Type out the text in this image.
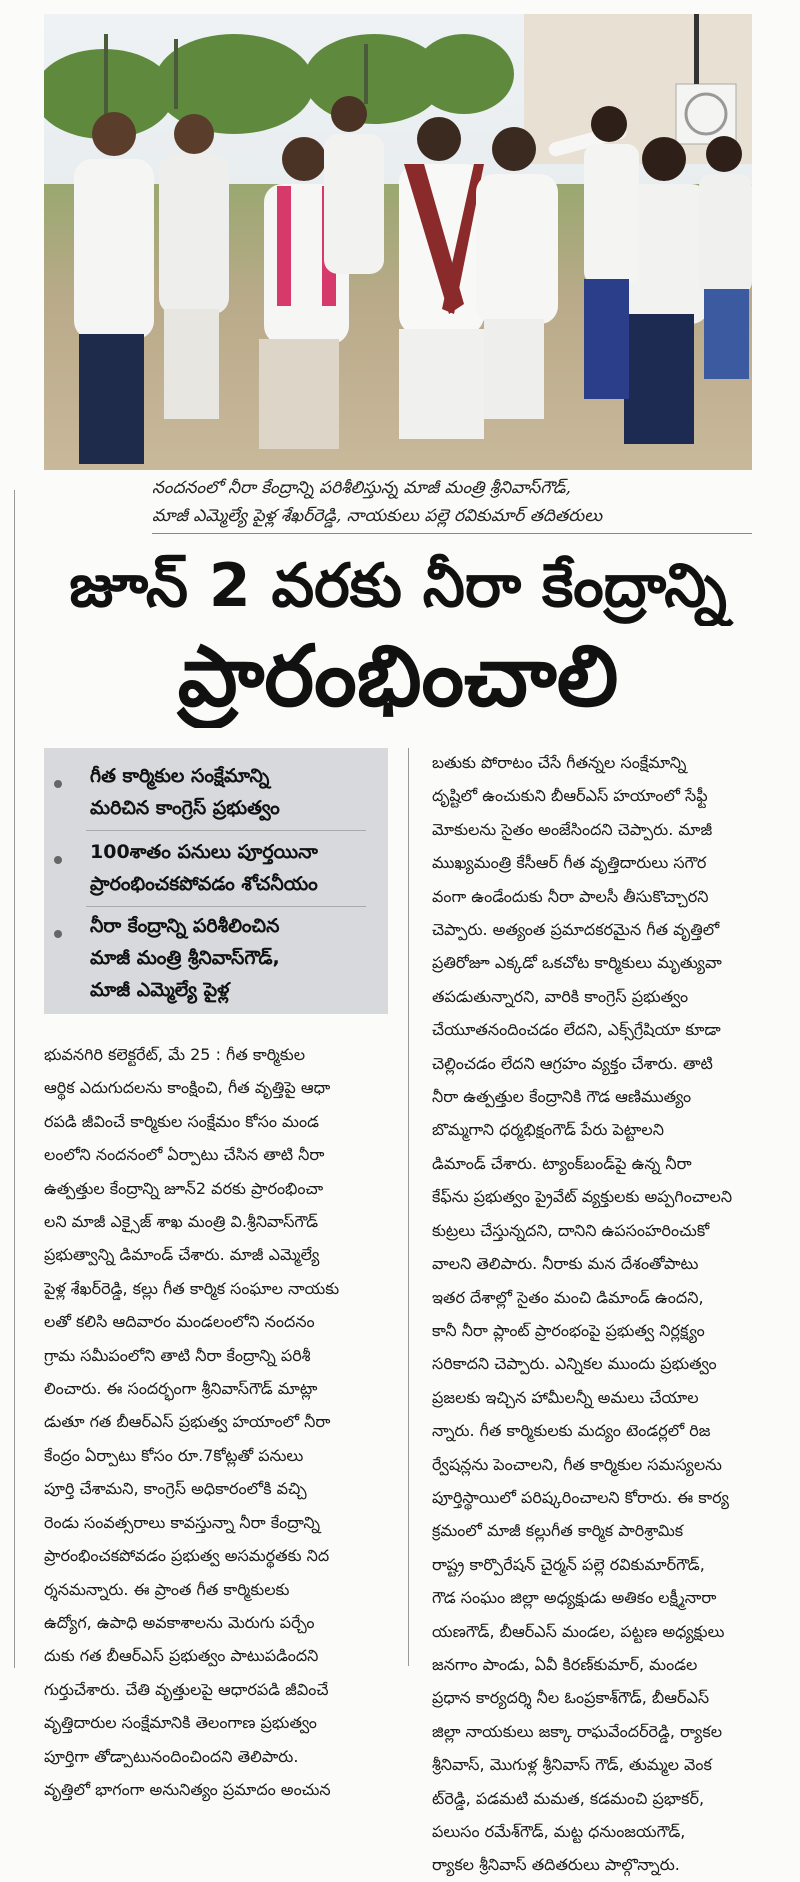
నందనంలో నీరా కేంద్రాన్ని పరిశీలిస్తున్న మాజీ మంత్రి శ్రీనివాస్‌గౌడ్‌,
మాజీ ఎమ్మెల్యే పైళ్ల శేఖర్‌రెడ్డి, నాయకులు పల్లె రవికుమార్‌ తదితరులు
జూన్‌ 2 వరకు నీరా కేంద్రాన్ని
ప్రారంభించాలి
గీత కార్మికుల సంక్షేమాన్ని
మరిచిన కాంగ్రెస్‌ ప్రభుత్వం
100శాతం పనులు పూర్తయినా
ప్రారంభించకపోవడం శోచనీయం
నీరా కేంద్రాన్ని పరిశీలించిన
మాజీ మంత్రి శ్రీనివాస్‌గౌడ్‌,
మాజీ ఎమ్మెల్యే పైళ్ల
భువనగిరి కలెక్టరేట్‌, మే 25 : గీత కార్మికుల
ఆర్థిక ఎదుగుదలను కాంక్షించి, గీత వృత్తిపై ఆధా
రపడి జీవించే కార్మికుల సంక్షేమం కోసం మండ
లంలోని నందనంలో ఏర్పాటు చేసిన తాటి నీరా
ఉత్పత్తుల కేంద్రాన్ని జూన్‌2 వరకు ప్రారంభించా
లని మాజీ ఎక్సైజ్‌ శాఖ మంత్రి వి.శ్రీనివాస్‌గౌడ్‌
ప్రభుత్వాన్ని డిమాండ్‌ చేశారు. మాజీ ఎమ్మెల్యే
పైళ్ల శేఖర్‌రెడ్డి, కల్లు గీత కార్మిక సంఘాల నాయకు
లతో కలిసి ఆదివారం మండలంలోని నందనం
గ్రామ సమీపంలోని తాటి నీరా కేంద్రాన్ని పరిశీ
లించారు. ఈ సందర్భంగా శ్రీనివాస్‌గౌడ్‌ మాట్లా
డుతూ గత బీఆర్‌ఎస్‌ ప్రభుత్వ హయాంలో నీరా
కేంద్రం ఏర్పాటు కోసం రూ.7కోట్లతో పనులు
పూర్తి చేశామని, కాంగ్రెస్‌ అధికారంలోకి వచ్చి
రెండు సంవత్సరాలు కావస్తున్నా నీరా కేంద్రాన్ని
ప్రారంభించకపోవడం ప్రభుత్వ అసమర్థతకు నిద
ర్శనమన్నారు. ఈ ప్రాంత గీత కార్మికులకు
ఉద్యోగ, ఉపాధి అవకాశాలను మెరుగు పర్చేం
దుకు గత బీఆర్‌ఎస్‌ ప్రభుత్వం పాటుపడిందని
గుర్తుచేశారు. చేతి వృత్తులపై ఆధారపడి జీవించే
వృత్తిదారుల సంక్షేమానికి తెలంగాణ ప్రభుత్వం
పూర్తిగా తోడ్పాటునందించిందని తెలిపారు.
వృత్తిలో భాగంగా అనునిత్యం ప్రమాదం అంచున
బతుకు పోరాటం చేసే గీతన్నల సంక్షేమాన్ని
దృష్టిలో ఉంచుకుని బీఆర్‌ఎస్‌ హయాంలో సేఫ్టీ
మోకులను సైతం అంజేసిందని చెప్పారు. మాజీ
ముఖ్యమంత్రి కేసీఆర్‌ గీత వృత్తిదారులు సగౌర
వంగా ఉండేందుకు నీరా పాలసీ తీసుకొచ్చారని
చెప్పారు. అత్యంత ప్రమాదకరమైన గీత వృత్తిలో
ప్రతిరోజూ ఎక్కడో ఒకచోట కార్మికులు మృత్యువా
తపడుతున్నారని, వారికి కాంగ్రెస్‌ ప్రభుత్వం
చేయూతనందించడం లేదని, ఎక్స్‌గ్రేషియా కూడా
చెల్లించడం లేదని ఆగ్రహం వ్యక్తం చేశారు. తాటి
నీరా ఉత్పత్తుల కేంద్రానికి గౌడ ఆణిముత్యం
బొమ్మగాని ధర్మభిక్షంగౌడ్‌ పేరు పెట్టాలని
డిమాండ్‌ చేశారు. ట్యాంక్‌బండ్‌పై ఉన్న నీరా
కేఫ్‌ను ప్రభుత్వం ప్రైవేట్‌ వ్యక్తులకు అప్పగించాలని
కుట్రలు చేస్తున్నదని, దానిని ఉపసంహరించుకో
వాలని తెలిపారు. నీరాకు మన దేశంతోపాటు
ఇతర దేశాల్లో సైతం మంచి డిమాండ్‌ ఉందని,
కానీ నీరా ప్లాంట్‌ ప్రారంభంపై ప్రభుత్వ నిర్లక్ష్యం
సరికాదని చెప్పారు. ఎన్నికల ముందు ప్రభుత్వం
ప్రజలకు ఇచ్చిన హామీలన్నీ అమలు చేయాల
న్నారు. గీత కార్మికులకు మద్యం టెండర్లలో రిజ
ర్వేషన్లను పెంచాలని, గీత కార్మికుల సమస్యలను
పూర్తిస్థాయిలో పరిష్కరించాలని కోరారు. ఈ కార్య
క్రమంలో మాజీ కల్లుగీత కార్మిక పారిశ్రామిక
రాష్ట్ర కార్పొరేషన్‌ చైర్మన్‌ పల్లె రవికుమార్‌గౌడ్‌,
గౌడ సంఘం జిల్లా అధ్యక్షుడు అతికం లక్ష్మీనారా
యణగౌడ్‌, బీఆర్‌ఎస్‌ మండల, పట్టణ అధ్యక్షులు
జనగాం పాండు, ఏవీ కిరణ్‌కుమార్‌, మండల
ప్రధాన కార్యదర్శి నీల ఓంప్రకాశ్‌గౌడ్‌, బీఆర్‌ఎస్‌
జిల్లా నాయకులు జక్కా రాఘవేందర్‌రెడ్డి, ర్యాకల
శ్రీనివాస్‌, మొగుళ్ల శ్రీనివాస్‌ గౌడ్‌, తుమ్మల వెంక
ట్‌రెడ్డి, పడమటి మమత, కడమంచి ప్రభాకర్‌,
పలుసం రమేశ్‌గౌడ్‌, మట్ట ధనుంజయగౌడ్‌,
ర్యాకల శ్రీనివాస్‌ తదితరులు పాల్గొన్నారు.
